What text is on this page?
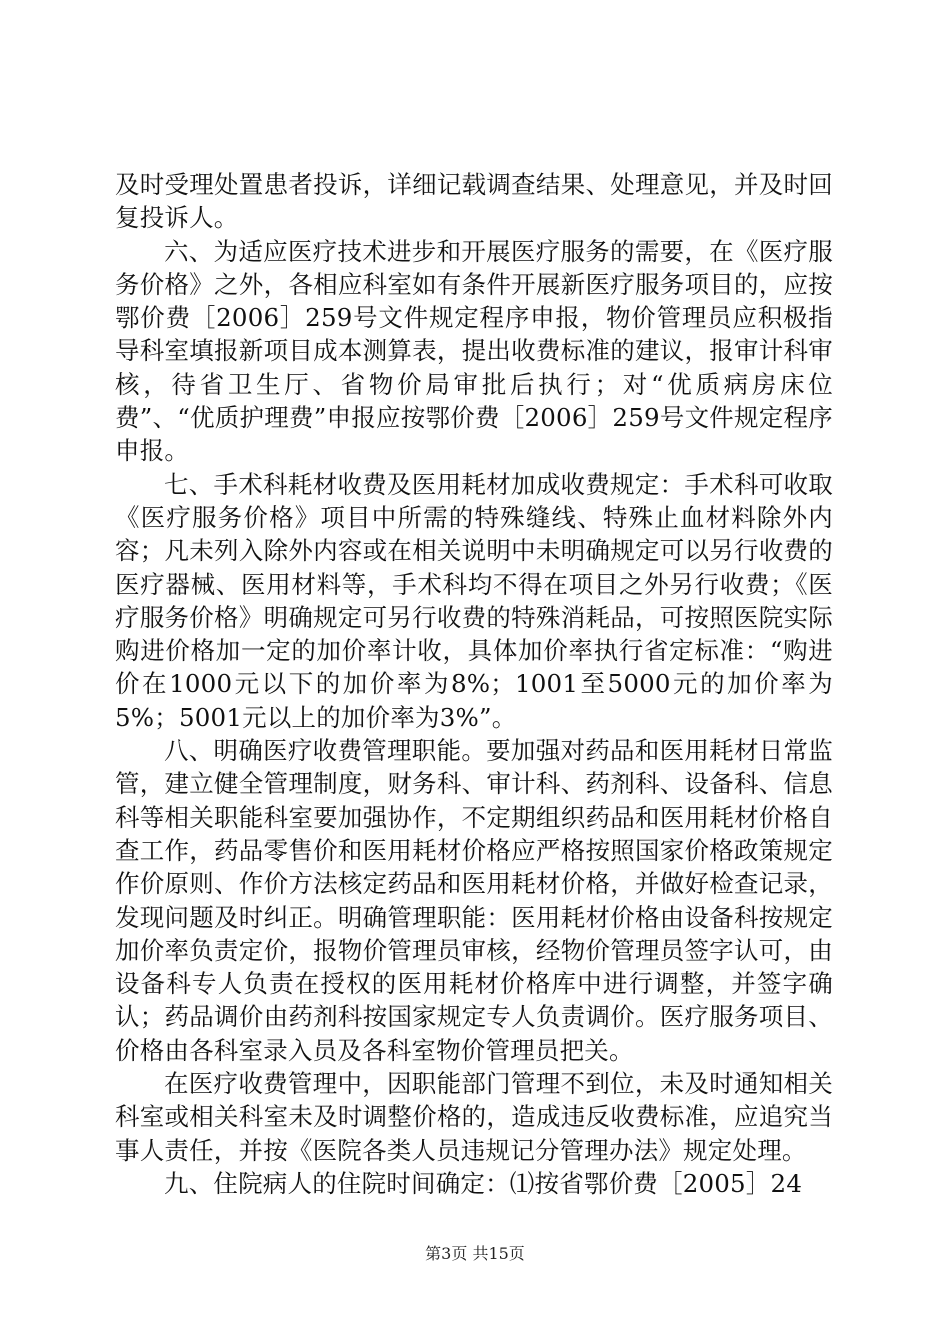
及时受理处置患者投诉，详细记载调查结果、处理意见，并及时回复投诉人。

六、为适应医疗技术进步和开展医疗服务的需要，在《医疗服务价格》之外，各相应科室如有条件开展新医疗服务项目的，应按鄂价费［2006］259号文件规定程序申报，物价管理员应积极指导科室填报新项目成本测算表，提出收费标准的建议，报审计科审核，待省卫生厅、省物价局审批后执行；对“优质病房床位费”、“优质护理费”申报应按鄂价费［2006］259号文件规定程序申报。

七、手术科耗材收费及医用耗材加成收费规定：手术科可收取《医疗服务价格》项目中所需的特殊缝线、特殊止血材料除外内容；凡未列入除外内容或在相关说明中未明确规定可以另行收费的医疗器械、医用材料等，手术科均不得在项目之外另行收费；《医疗服务价格》明确规定可另行收费的特殊消耗品，可按照医院实际购进价格加一定的加价率计收，具体加价率执行省定标准：“购进价在1000元以下的加价率为8%；1001至5000元的加价率为5%；5001元以上的加价率为3%”。

八、明确医疗收费管理职能。要加强对药品和医用耗材日常监管，建立健全管理制度，财务科、审计科、药剂科、设备科、信息科等相关职能科室要加强协作，不定期组织药品和医用耗材价格自查工作，药品零售价和医用耗材价格应严格按照国家价格政策规定作价原则、作价方法核定药品和医用耗材价格，并做好检查记录，发现问题及时纠正。明确管理职能：医用耗材价格由设备科按规定加价率负责定价，报物价管理员审核，经物价管理员签字认可，由设备科专人负责在授权的医用耗材价格库中进行调整，并签字确认；药品调价由药剂科按国家规定专人负责调价。医疗服务项目、价格由各科室录入员及各科室物价管理员把关。

在医疗收费管理中，因职能部门管理不到位，未及时通知相关科室或相关科室未及时调整价格的，造成违反收费标准，应追究当事人责任，并按《医院各类人员违规记分管理办法》规定处理。

九、住院病人的住院时间确定：⑴按省鄂价费［2005］24

第3页 共15页
